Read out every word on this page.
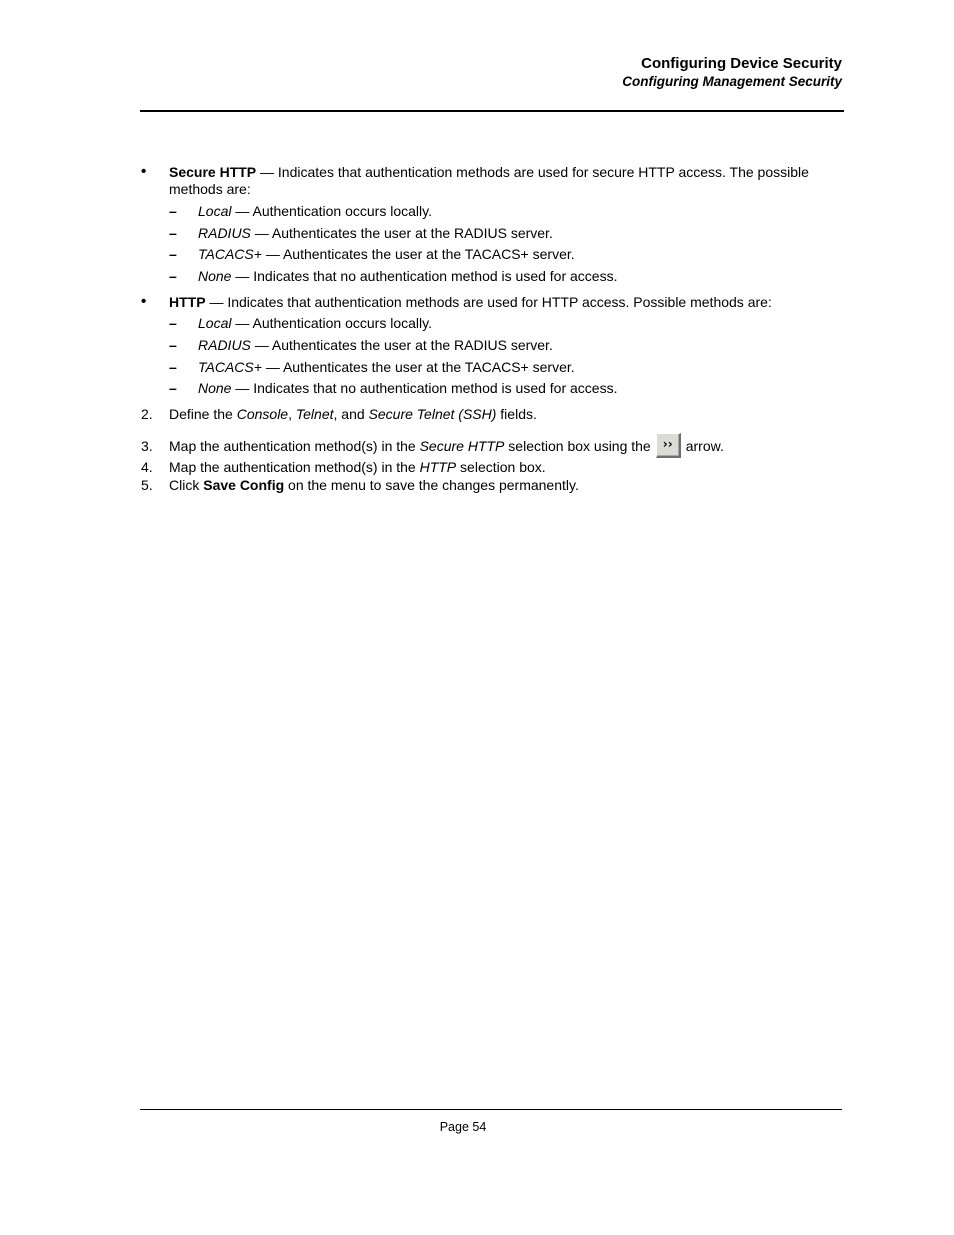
Configuring Device Security
Configuring Management Security
• Secure HTTP — Indicates that authentication methods are used for secure HTTP access. The possible
methods are:
– Local — Authentication occurs locally.
– RADIUS — Authenticates the user at the RADIUS server.
– TACACS+ — Authenticates the user at the TACACS+ server.
– None — Indicates that no authentication method is used for access.
• HTTP — Indicates that authentication methods are used for HTTP access. Possible methods are:
– Local — Authentication occurs locally.
– RADIUS — Authenticates the user at the RADIUS server.
– TACACS+ — Authenticates the user at the TACACS+ server.
– None — Indicates that no authentication method is used for access.
2. Define the Console, Telnet, and Secure Telnet (SSH) fields.
3. Map the authentication method(s) in the Secure HTTP selection box using the ›› arrow.
4. Map the authentication method(s) in the HTTP selection box.
5. Click Save Config on the menu to save the changes permanently.
Page 54
